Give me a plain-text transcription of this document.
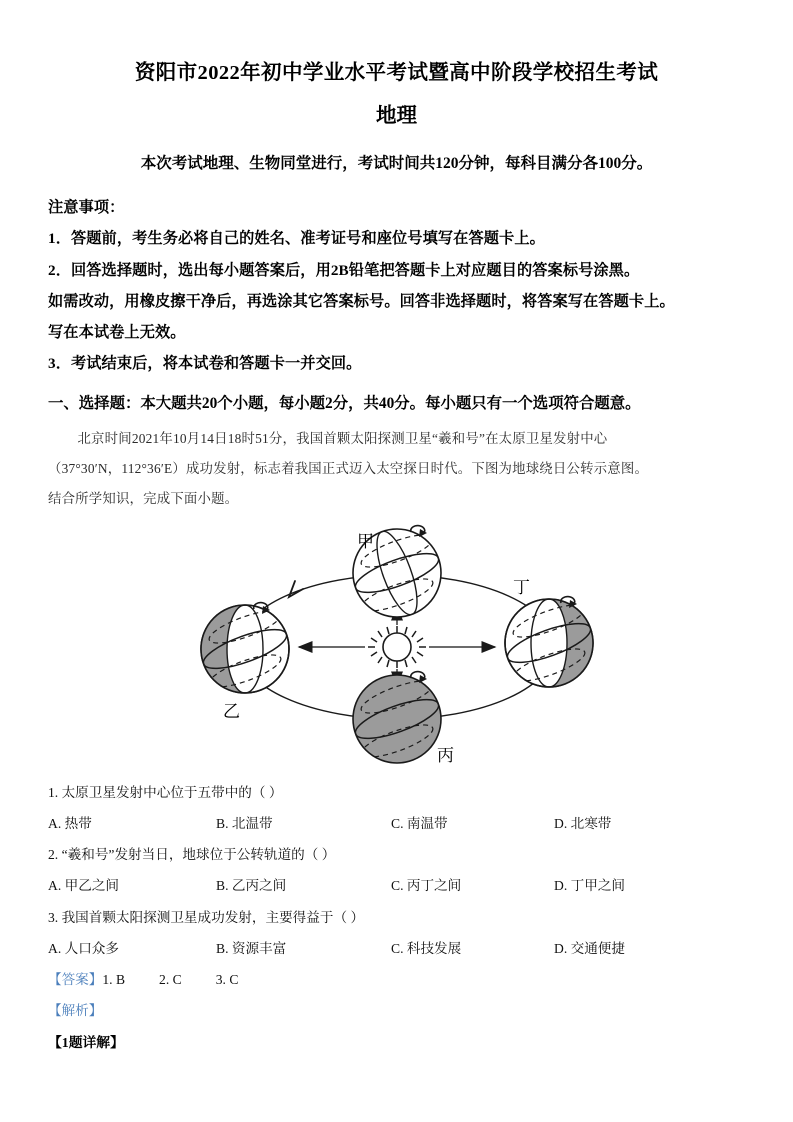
资阳市2022年初中学业水平考试暨高中阶段学校招生考试
地理

本次考试地理、生物同堂进行，考试时间共120分钟，每科目满分各100分。

注意事项：

1．答题前，考生务必将自己的姓名、准考证号和座位号填写在答题卡上。

2．回答选择题时，选出每小题答案后，用2B铅笔把答题卡上对应题目的答案标号涂黑。

如需改动，用橡皮擦干净后，再选涂其它答案标号。回答非选择题时，将答案写在答题卡上。

写在本试卷上无效。

3．考试结束后，将本试卷和答题卡一并交回。

一、选择题：本大题共20个小题，每小题2分，共40分。每小题只有一个选项符合题意。

北京时间2021年10月14日18时51分，我国首颗太阳探测卫星“羲和号”在太原卫星发射中心

（37°30′N，112°36′E）成功发射，标志着我国正式迈入太空探日时代。下图为地球绕日公转示意图。

结合所学知识，完成下面小题。

甲
乙
丁
丙

1. 太原卫星发射中心位于五带中的（ ）

A. 热带	B. 北温带	C. 南温带	D. 北寒带

2. “羲和号”发射当日，地球位于公转轨道的（ ）

A. 甲乙之间	B. 乙丙之间	C. 丙丁之间	D. 丁甲之间

3. 我国首颗太阳探测卫星成功发射，主要得益于（ ）

A. 人口众多	B. 资源丰富	C. 科技发展	D. 交通便捷

【答案】1. B	2. C	3. C

【解析】

【1题详解】
